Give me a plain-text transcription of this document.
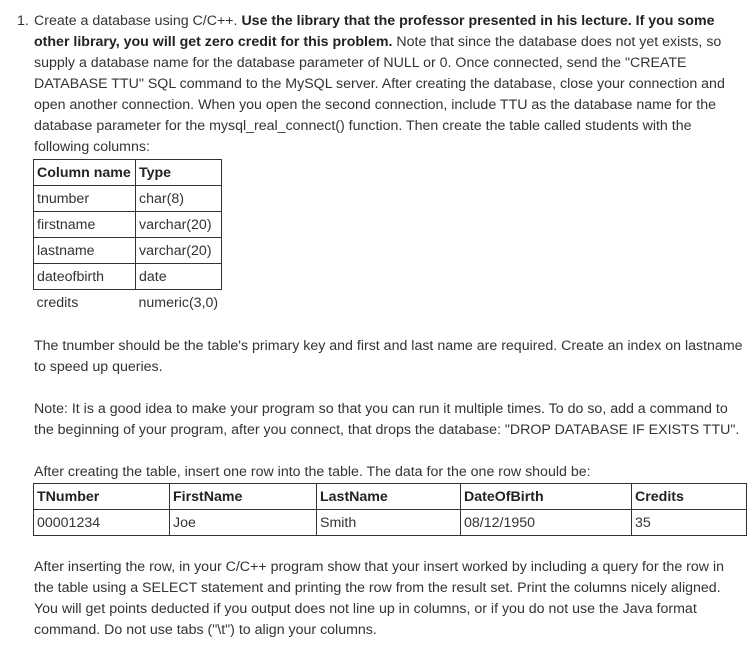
1. Create a database using C/C++. Use the library that the professor presented in his lecture. If you some other library, you will get zero credit for this problem. Note that since the database does not yet exists, so supply a database name for the database parameter of NULL or 0. Once connected, send the "CREATE DATABASE TTU" SQL command to the MySQL server. After creating the database, close your connection and open another connection. When you open the second connection, include TTU as the database name for the database parameter for the mysql_real_connect() function. Then create the table called students with the following columns:
Column name	Type
tnumber	char(8)
firstname	varchar(20)
lastname	varchar(20)
dateofbirth	date
credits	numeric(3,0)
The tnumber should be the table's primary key and first and last name are required. Create an index on lastname to speed up queries.
Note: It is a good idea to make your program so that you can run it multiple times. To do so, add a command to the beginning of your program, after you connect, that drops the database: "DROP DATABASE IF EXISTS TTU".
After creating the table, insert one row into the table. The data for the one row should be:
TNumber	FirstName	LastName	DateOfBirth	Credits
00001234	Joe	Smith	08/12/1950	35
After inserting the row, in your C/C++ program show that your insert worked by including a query for the row in the table using a SELECT statement and printing the row from the result set. Print the columns nicely aligned. You will get points deducted if you output does not line up in columns, or if you do not use the Java format command. Do not use tabs ("\t") to align your columns.
